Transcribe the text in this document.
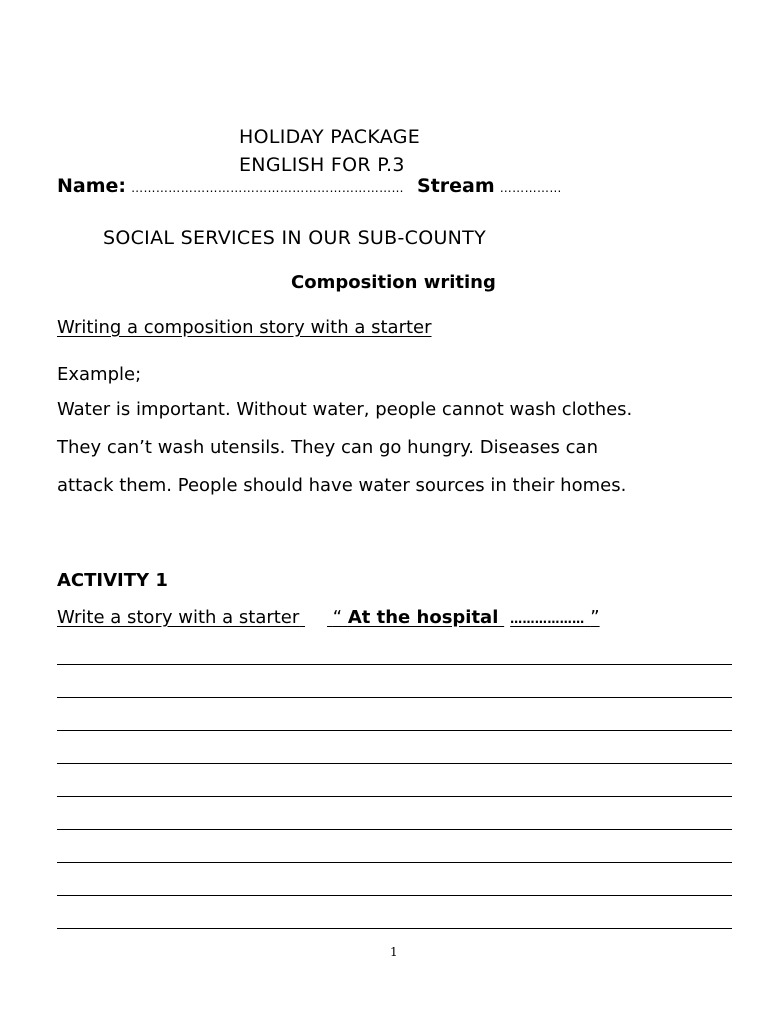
HOLIDAY PACKAGE
ENGLISH FOR P.3
Name: ………………………………………………………… Stream ……………
SOCIAL SERVICES IN OUR SUB-COUNTY
Composition writing
Writing a composition story with a starter
Example;
Water is important. Without water, people cannot wash clothes.
They can’t wash utensils. They can go hungry. Diseases can
attack them. People should have water sources in their homes.
ACTIVITY 1
Write a story with a starter “ At the hospital ……………… ”
1
